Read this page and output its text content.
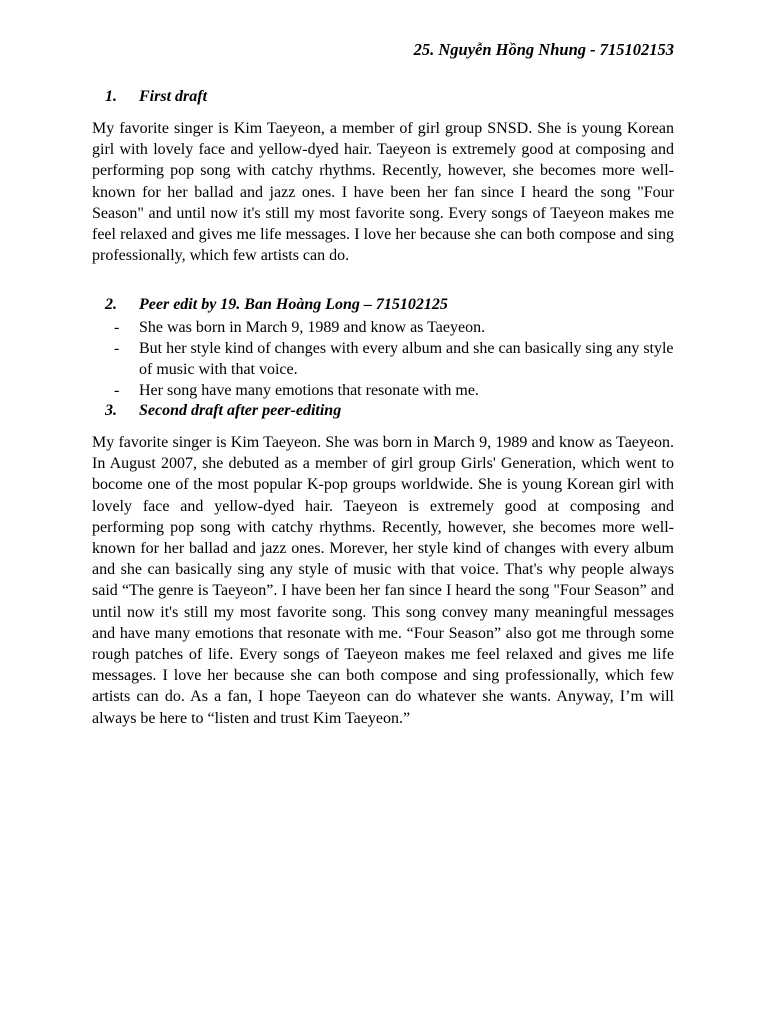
25. Nguyễn Hồng Nhung - 715102153
1. First draft

My favorite singer is Kim Taeyeon, a member of girl group SNSD. She is young Korean girl with lovely face and yellow-dyed hair. Taeyeon is extremely good at composing and performing pop song with catchy rhythms. Recently, however, she becomes more well-known for her ballad and jazz ones. I have been her fan since I heard the song "Four Season" and until now it's still my most favorite song. Every songs of Taeyeon makes me feel relaxed and gives me life messages. I love her because she can both compose and sing professionally, which few artists can do.

2. Peer edit by 19. Ban Hoàng Long – 715102125
- She was born in March 9, 1989 and know as Taeyeon.
- But her style kind of changes with every album and she can basically sing any style of music with that voice.
- Her song have many emotions that resonate with me.
3. Second draft after peer-editing

My favorite singer is Kim Taeyeon. She was born in March 9, 1989 and know as Taeyeon. In August 2007, she debuted as a member of girl group Girls' Generation, which went to bocome one of the most popular K-pop groups worldwide. She is young Korean girl with lovely face and yellow-dyed hair. Taeyeon is extremely good at composing and performing pop song with catchy rhythms. Recently, however, she becomes more well-known for her ballad and jazz ones. Morever, her style kind of changes with every album and she can basically sing any style of music with that voice. That's why people always said “The genre is Taeyeon”. I have been her fan since I heard the song "Four Season” and until now it's still my most favorite song. This song convey many meaningful messages and have many emotions that resonate with me. “Four Season” also got me through some rough patches of life. Every songs of Taeyeon makes me feel relaxed and gives me life messages. I love her because she can both compose and sing professionally, which few artists can do. As a fan, I hope Taeyeon can do whatever she wants. Anyway, I’m will always be here to “listen and trust Kim Taeyeon.”
